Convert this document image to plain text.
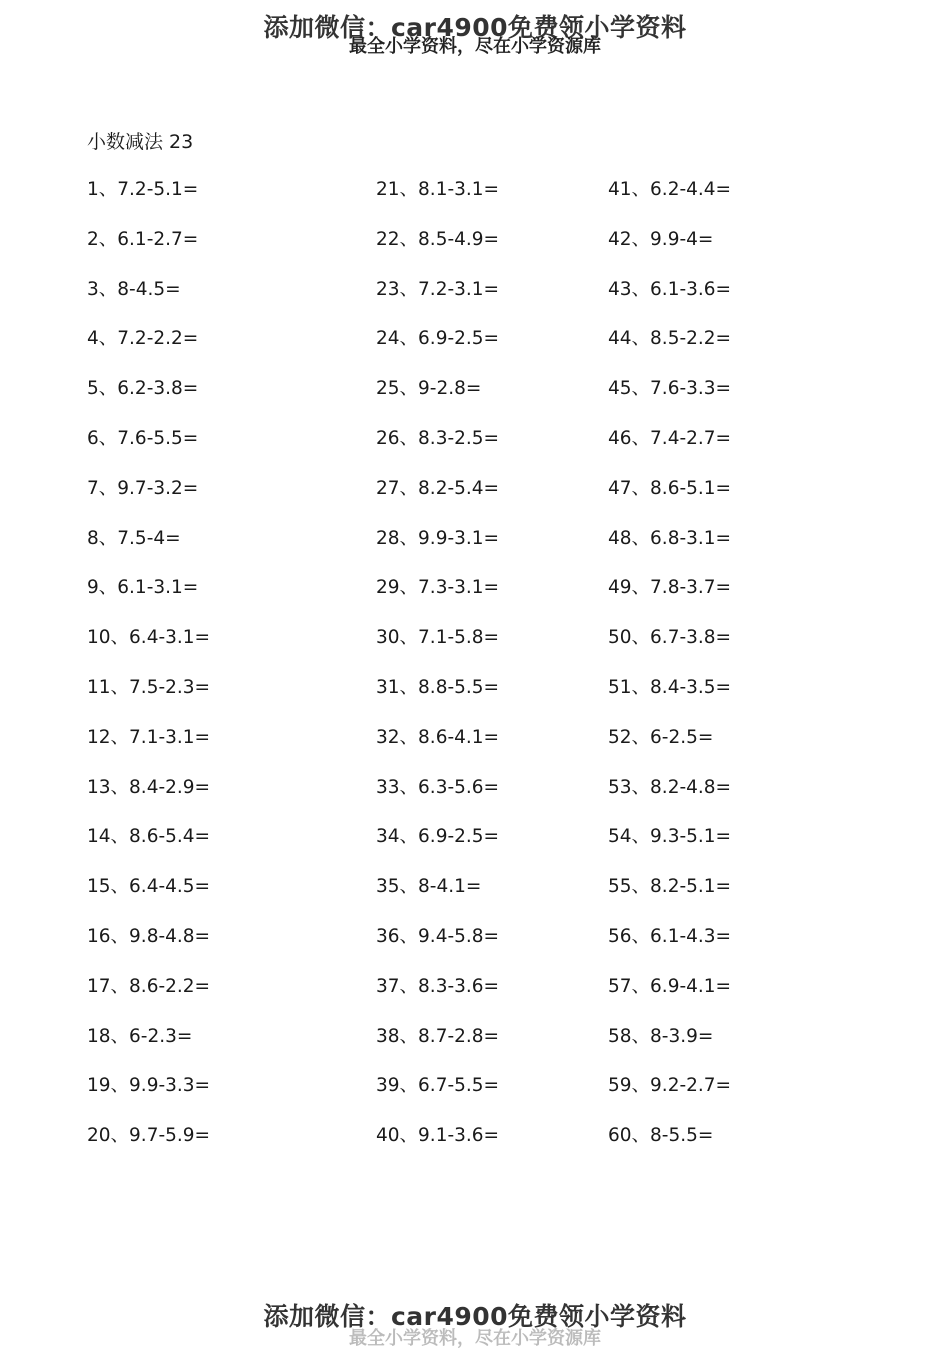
添加微信：car4900免费领小学资料
最全小学资料，尽在小学资源库
小数减法 23
1、7.2-5.1=
2、6.1-2.7=
3、8-4.5=
4、7.2-2.2=
5、6.2-3.8=
6、7.6-5.5=
7、9.7-3.2=
8、7.5-4=
9、6.1-3.1=
10、6.4-3.1=
11、7.5-2.3=
12、7.1-3.1=
13、8.4-2.9=
14、8.6-5.4=
15、6.4-4.5=
16、9.8-4.8=
17、8.6-2.2=
18、6-2.3=
19、9.9-3.3=
20、9.7-5.9=
21、8.1-3.1=
22、8.5-4.9=
23、7.2-3.1=
24、6.9-2.5=
25、9-2.8=
26、8.3-2.5=
27、8.2-5.4=
28、9.9-3.1=
29、7.3-3.1=
30、7.1-5.8=
31、8.8-5.5=
32、8.6-4.1=
33、6.3-5.6=
34、6.9-2.5=
35、8-4.1=
36、9.4-5.8=
37、8.3-3.6=
38、8.7-2.8=
39、6.7-5.5=
40、9.1-3.6=
41、6.2-4.4=
42、9.9-4=
43、6.1-3.6=
44、8.5-2.2=
45、7.6-3.3=
46、7.4-2.7=
47、8.6-5.1=
48、6.8-3.1=
49、7.8-3.7=
50、6.7-3.8=
51、8.4-3.5=
52、6-2.5=
53、8.2-4.8=
54、9.3-5.1=
55、8.2-5.1=
56、6.1-4.3=
57、6.9-4.1=
58、8-3.9=
59、9.2-2.7=
60、8-5.5=
添加微信：car4900免费领小学资料
最全小学资料，尽在小学资源库
